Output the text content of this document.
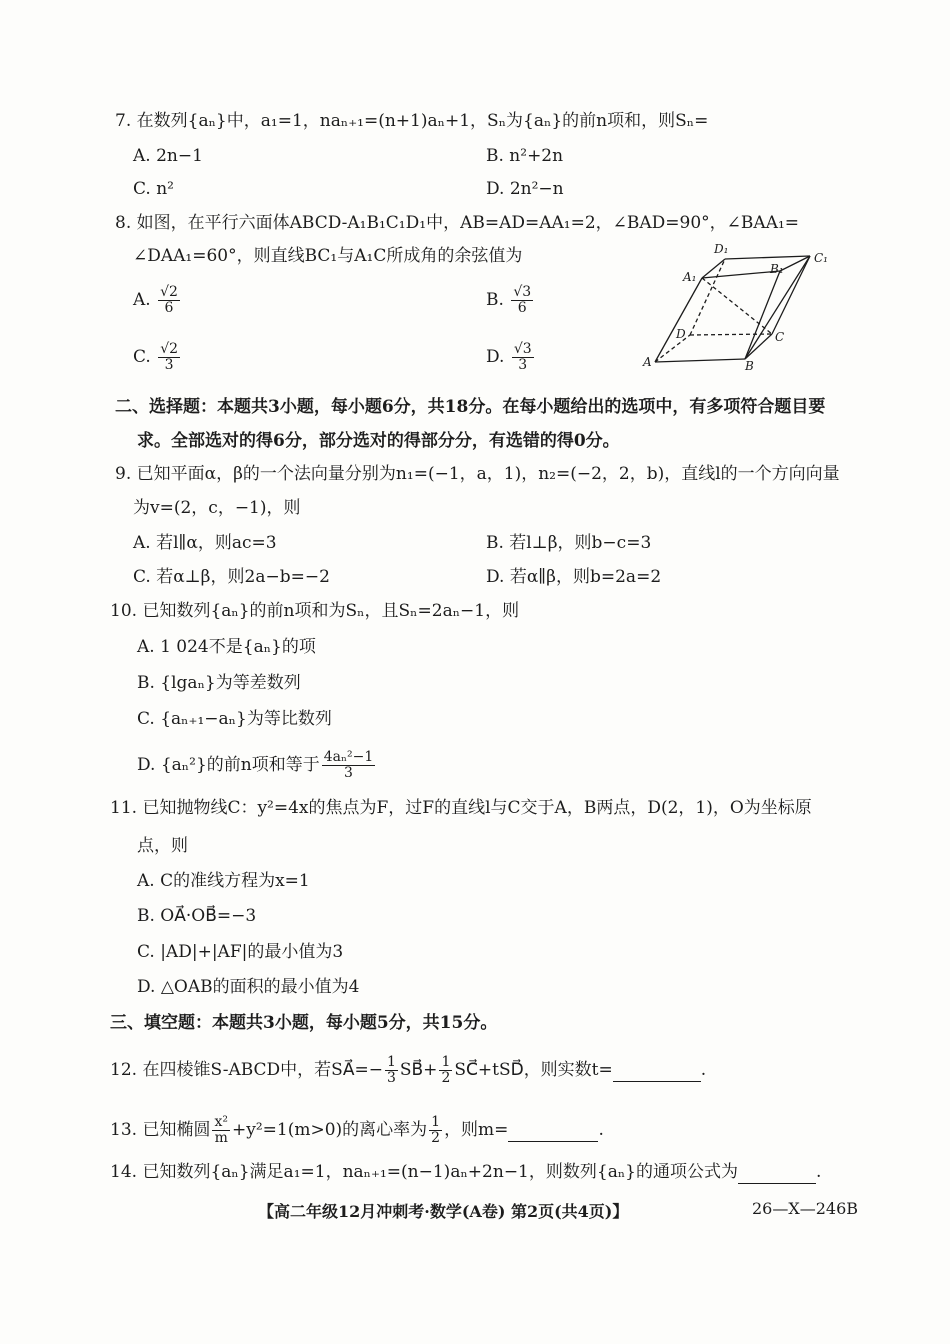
7. 在数列{aₙ}中，a₁=1，naₙ₊₁=(n+1)aₙ+1，Sₙ为{aₙ}的前n项和，则Sₙ=
A. 2n−1	B. n²+2n
C. n²	D. 2n²−n
8. 如图，在平行六面体ABCD-A₁B₁C₁D₁中，AB=AD=AA₁=2，∠BAD=90°，∠BAA₁=
∠DAA₁=60°，则直线BC₁与A₁C所成角的余弦值为
A. $\frac{√2}{6}$	B. $\frac{√3}{6}$
C. $\frac{√2}{3}$	D. $\frac{√3}{3}$	A	B
C
D
A₁
B₁
C₁
D₁
二、选择题：本题共3小题，每小题6分，共18分。在每小题给出的选项中，有多项符合题目要
求。全部选对的得6分，部分选对的得部分分，有选错的得0分。
9. 已知平面α，β的一个法向量分别为n₁=(−1，a，1)，n₂=(−2，2，b)，直线l的一个方向向量
为v=(2，c，−1)，则
A. 若l∥α，则ac=3	B. 若l⊥β，则b−c=3
C. 若α⊥β，则2a−b=−2	D. 若α∥β，则b=2a=2
10. 已知数列{aₙ}的前n项和为Sₙ，且Sₙ=2aₙ−1，则
A. 1 024不是{aₙ}的项
B. {lgaₙ}为等差数列
C. {aₙ₊₁−aₙ}为等比数列
D. {aₙ²}的前n项和等于 $\frac{\text{4aₙ²−1}}{3}$
11. 已知抛物线C：y²=4x的焦点为F，过F的直线l与C交于A，B两点，D(2，1)，O为坐标原
点，则
A. C的准线方程为x=1
B. OA⃗·OB⃗=−3
C. |AD|+|AF|的最小值为3
D. △OAB的面积的最小值为4
三、填空题：本题共3小题，每小题5分，共15分。
12. 在四棱锥S-ABCD中，若SA⃗=− $\frac{1}{3}$ SB⃗+ $\frac{1}{2}$ SC⃗+tSD⃗，则实数t=	.
13. 已知椭圆 $\frac{\text{x²}}{m} +y^2=1(m>0)$的离心率为 $\frac{1}{2}$ ，则m=	.
14. 已知数列{aₙ}满足a₁=1，naₙ₊₁=(n−1)aₙ+2n−1，则数列{aₙ}的通项公式为	.
【高二年级12月冲刺考·数学(A卷) 第2页(共4页)】	26—X—246B
